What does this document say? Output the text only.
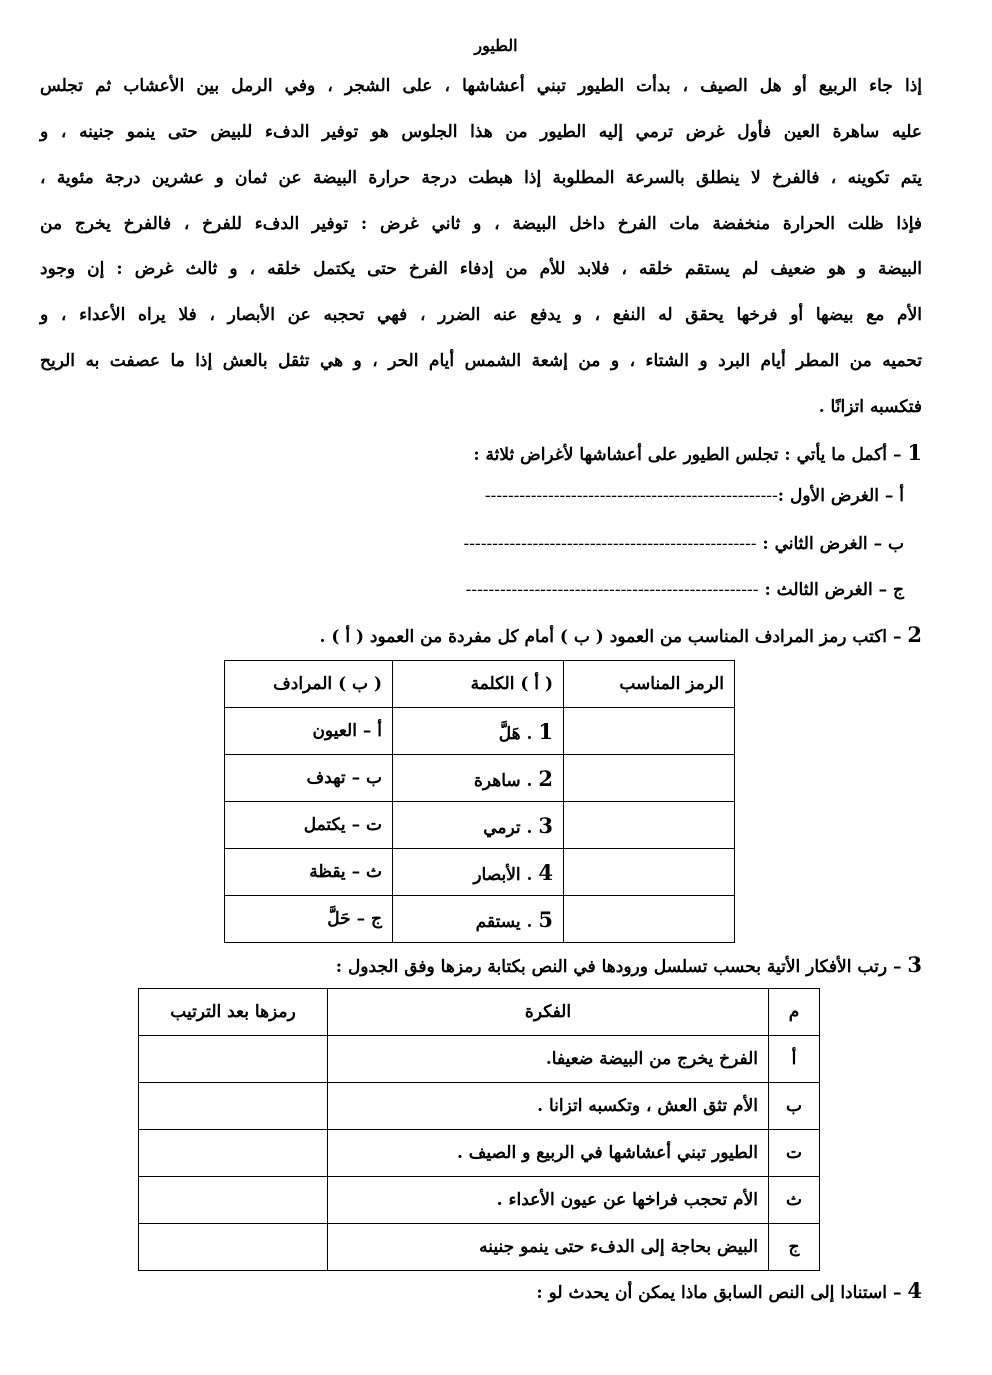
الطيور
إذا جاء الربيع أو هل الصيف ، بدأت الطيور تبني أعشاشها ، على الشجر ، وفي الرمل بين الأعشاب ثم تجلس
عليه ساهرة العين فأول غرض ترمي إليه الطيور من هذا الجلوس هو توفير الدفء للبيض حتى ينمو جنينه ، و
يتم تكوينه ، فالفرخ لا ينطلق بالسرعة المطلوبة إذا هبطت درجة حرارة البيضة عن ثمان و عشرين درجة مئوية ،
فإذا ظلت الحرارة منخفضة مات الفرخ داخل البيضة ، و ثاني غرض : توفير الدفء للفرخ ، فالفرخ يخرج من
البيضة و هو ضعيف لم يستقم خلقه ، فلابد للأم من إدفاء الفرخ حتى يكتمل خلقه ، و ثالث غرض : إن وجود
الأم مع بيضها أو فرخها يحقق له النفع ، و يدفع عنه الضرر ، فهي تحجبه عن الأبصار ، فلا يراه الأعداء ، و
تحميه من المطر أيام البرد و الشتاء ، و من إشعة الشمس أيام الحر ، و هي تثقل بالعش إذا ما عصفت به الريح
فتكسبه اتزانًا .
1 – أكمل ما يأتي : تجلس الطيور على أعشاشها لأغراض ثلاثة :
أ – الغرض الأول :---------------------------------------------------
ب – الغرض الثاني : ---------------------------------------------------
ج – الغرض الثالث : ---------------------------------------------------
2 – اكتب رمز المرادف المناسب من العمود ( ب ) أمام كل مفردة من العمود ( أ ) .
الرمز المناسب	( أ ) الكلمة	( ب ) المرادف
	1 . هَلَّ	أ – العيون
	2 . ساهرة	ب – تهدف
	3 . ترمي	ت – يكتمل
	4 . الأبصار	ث – يقظة
	5 . يستقم	ج – حَلَّ
3 – رتب الأفكار الأتية بحسب تسلسل ورودها في النص بكتابة رمزها وفق الجدول :
م	الفكرة	رمزها بعد الترتيب
أ	الفرخ يخرج من البيضة ضعيفا.	
ب	الأم تثق العش ، وتكسبه اتزانا .	
ت	الطيور تبني أعشاشها في الربيع و الصيف .	
ث	الأم تحجب فراخها عن عيون الأعداء .	
ج	البيض بحاجة إلى الدفء حتى ينمو جنينه	
4 – استنادا إلى النص السابق ماذا يمكن أن يحدث لو :
